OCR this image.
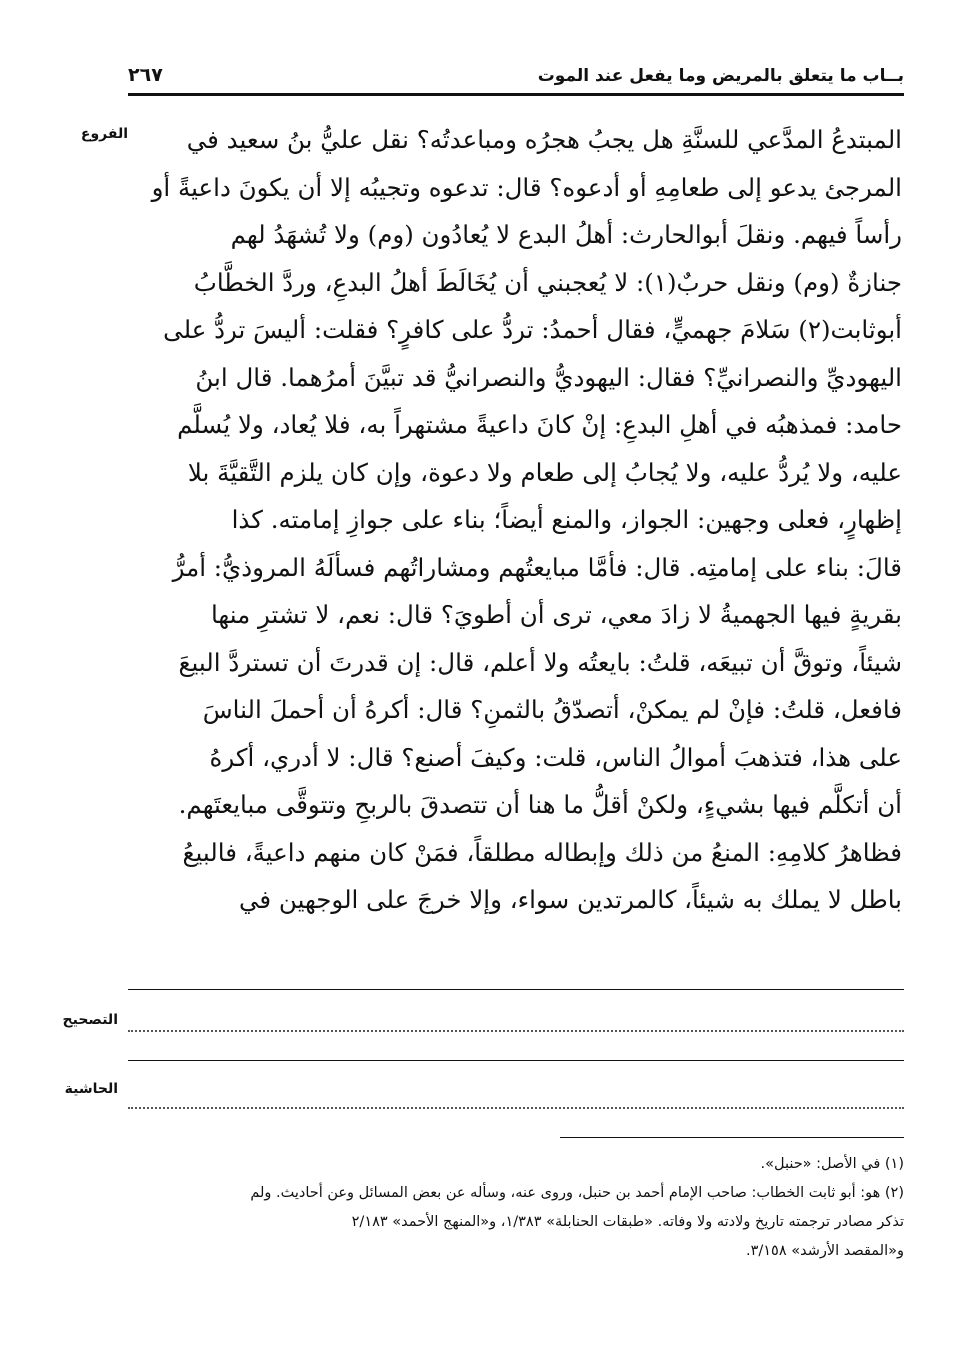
بــاب ما يتعلق بالمريض وما يفعل عند الموت
٢٦٧
الفروع	المبتدعُ المدَّعي للسنَّةِ هل يجبُ هجرُه ومباعدتُه؟ نقل عليُّ بنُ سعيد في
المرجئ يدعو إلى طعامِهِ أو أدعوه؟ قال: تدعوه وتجيبُه إلا أن يكونَ داعيةً أو
رأساً فيهم. ونقلَ أبوالحارث: أهلُ البدع لا يُعادُون (وم) ولا تُشهَدُ لهم
جنازةٌ (وم) ونقل حربٌ(١): لا يُعجبني أن يُخَالَطَ أهلُ البدعِ، وردَّ الخطَّابُ
أبوثابت(٢) سَلامَ جهميٍّ، فقال أحمدُ: تردُّ على كافرٍ؟ فقلت: أليسَ تردُّ على
اليهوديِّ والنصرانيِّ؟ فقال: اليهوديُّ والنصرانيُّ قد تبيَّنَ أمرُهما. قال ابنُ
حامد: فمذهبُه في أهلِ البدعِ: إنْ كانَ داعيةً مشتهراً به، فلا يُعاد، ولا يُسلَّم
عليه، ولا يُردُّ عليه، ولا يُجابُ إلى طعام ولا دعوة، وإن كان يلزم التَّقيَّةَ بلا
إظهارٍ، فعلى وجهين: الجواز، والمنع أيضاً؛ بناء على جوازِ إمامته. كذا
قالَ: بناء على إمامتِه. قال: فأمَّا مبايعتُهم ومشاراتُهم فسألَهُ المروذيُّ: أمرُّ
بقريةٍ فيها الجهميةُ لا زادَ معي، ترى أن أطويَ؟ قال: نعم، لا تشترِ منها
شيئاً، وتوقَّ أن تبيعَه، قلتُ: بايعتُه ولا أعلم، قال: إن قدرتَ أن تستردَّ البيعَ
فافعل، قلتُ: فإنْ لم يمكنْ، أتصدّقُ بالثمنِ؟ قال: أكرهُ أن أحملَ الناسَ
على هذا، فتذهبَ أموالُ الناس، قلت: وكيفَ أصنع؟ قال: لا أدري، أكرهُ
أن أتكلَّم فيها بشيءٍ، ولكنْ أقلُّ ما هنا أن تتصدقَ بالربحِ وتتوقَّى مبايعتَهم.
فظاهرُ كلامِهِ: المنعُ من ذلك وإبطاله مطلقاً، فمَنْ كان منهم داعيةً، فالبيعُ
باطل لا يملك به شيئاً، كالمرتدين سواء، وإلا خرجَ على الوجهين في
التصحيح
الحاشية
(١) في الأصل: «حنبل».
(٢) هو: أبو ثابت الخطاب: صاحب الإمام أحمد بن حنبل، وروى عنه، وسأله عن بعض المسائل وعن أحاديث. ولم
تذكر مصادر ترجمته تاريخ ولادته ولا وفاته. «طبقات الحنابلة» ١/٣٨٣، و«المنهج الأحمد» ٢/١٨٣
و«المقصد الأرشد» ٣/١٥٨.
